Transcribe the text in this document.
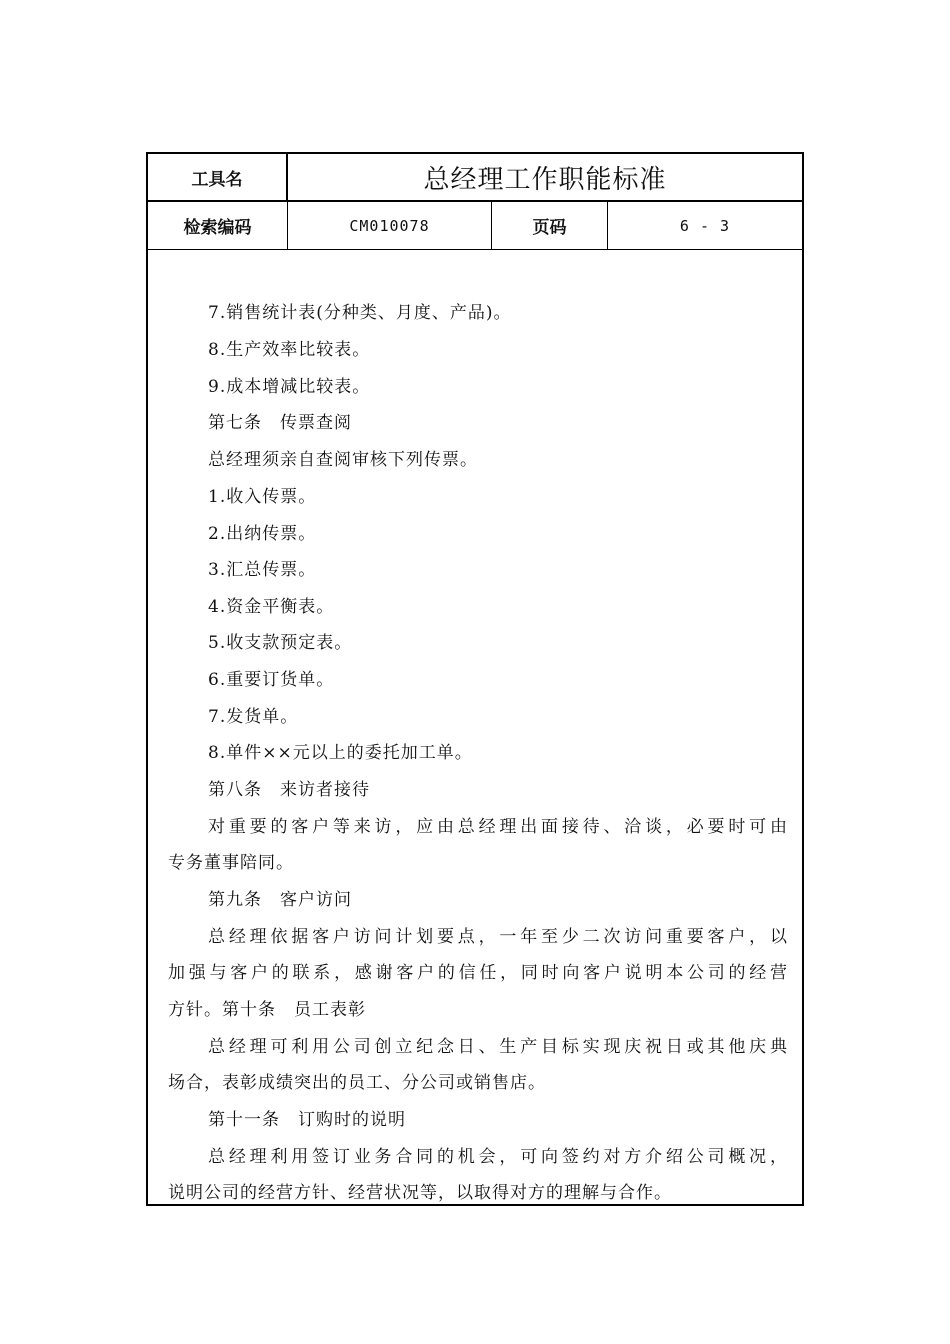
工具名	总经理工作职能标准
检索编码	CM010078	页码	6 - 3
7.销售统计表(分种类、月度、产品)。
8.生产效率比较表。
9.成本增减比较表。
第七条　传票查阅
总经理须亲自查阅审核下列传票。
1.收入传票。
2.出纳传票。
3.汇总传票。
4.资金平衡表。
5.收支款预定表。
6.重要订货单。
7.发货单。
8.单件××元以上的委托加工单。
第八条　来访者接待
对重要的客户等来访，应由总经理出面接待、洽谈，必要时可由
专务董事陪同。
第九条　客户访问
总经理依据客户访问计划要点，一年至少二次访问重要客户，以
加强与客户的联系，感谢客户的信任，同时向客户说明本公司的经营
方针。第十条　员工表彰
总经理可利用公司创立纪念日、生产目标实现庆祝日或其他庆典
场合，表彰成绩突出的员工、分公司或销售店。
第十一条　订购时的说明
总经理利用签订业务合同的机会，可向签约对方介绍公司概况，
说明公司的经营方针、经营状况等，以取得对方的理解与合作。
